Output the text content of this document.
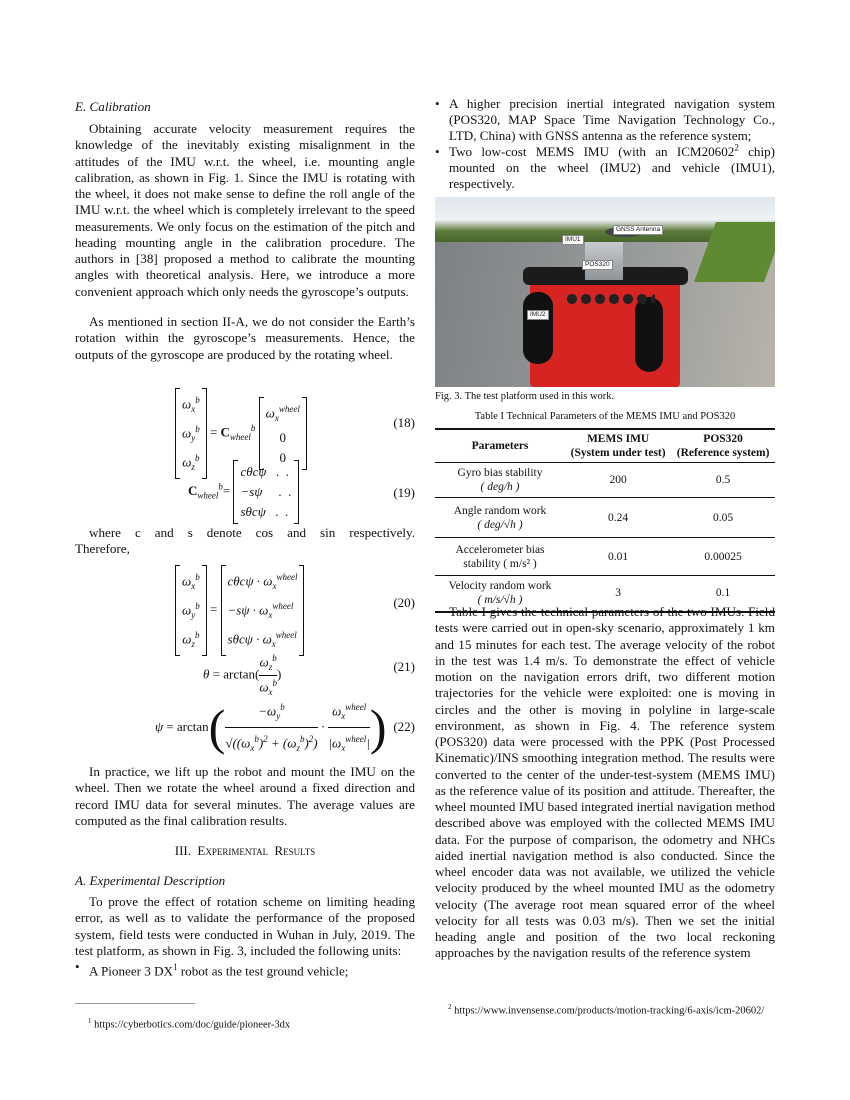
E. Calibration
Obtaining accurate velocity measurement requires the knowledge of the inevitably existing misalignment in the attitudes of the IMU w.r.t. the wheel, i.e. mounting angle calibration, as shown in Fig. 1. Since the IMU is rotating with the wheel, it does not make sense to define the roll angle of the IMU w.r.t. the wheel which is completely irrelevant to the speed measurements. We only focus on the estimation of the pitch and heading mounting angle in the calibration procedure. The authors in [38] proposed a method to calibrate the mounting angles with theoretical analysis. Here, we introduce a more convenient approach which only needs the gyroscope’s outputs.
As mentioned in section II-A, we do not consider the Earth’s rotation within the gyroscope’s measurements. Hence, the outputs of the gyroscope are produced by the rotating wheel.
$\omega_x^b$
$\omega_y^b$
$\omega_z^b$
= $C_{wheel}^b$
$\omega_x^{wheel}$
0
0
(18)
$C_{wheel}^b=$
cθcψ   .  .
−sψ     .  .
sθcψ   .  .
(19)
where c and s denote cos and sin respectively. Therefore,
$\omega_x^b$
$\omega_y^b$
$\omega_z^b$
=
$c\theta c\psi \cdot \omega_x^{wheel}$
$-s\psi \cdot \omega_x^{wheel}$
$s\theta c\psi \cdot \omega_x^{wheel}$
(20)
θ = arctan(
$\omega_z^b$
$\omega_x^b$
)
(21)
ψ = arctan (	$-\omega_y^b$
$√((\omega_x^b)^2 + (\omega_z^b)^2)$
·
$\omega_x^{wheel}$
$|\omega_x^{wheel}|$ ) (22)
In practice, we lift up the robot and mount the IMU on the wheel. Then we rotate the wheel around a fixed direction and record IMU data for several minutes. The average values are computed as the final calibration results.
III. Experimental Results
A. Experimental Description
To prove the effect of rotation scheme on limiting heading error, as well as to validate the performance of the proposed system, field tests were conducted in Wuhan in July, 2019. The test platform, as shown in Fig. 3, included the following units:
• A Pioneer 3 $DX^1$ robot as the test ground vehicle;
$^1$ https://cyberbotics.com/doc/guide/pioneer-3dx
• A higher precision inertial integrated navigation system (POS320, MAP Space Time Navigation Technology Co., LTD, China) with GNSS antenna as the reference system;
• Two low-cost MEMS IMU (with an ICM20602$^2$ chip) mounted on the wheel (IMU2) and vehicle (IMU1), respectively.
GNSS Antenna
IMU1
POS320
IMU2
Fig. 3. The test platform used in this work.
Table I Technical Parameters of the MEMS IMU and POS320
Parameters	MEMS IMU
(System under test)	POS320
(Reference system)
Gyro bias stability
( deg/h )	200	0.5
Angle random work
( deg/√h )	0.24	0.05
Accelerometer bias
stability ( m/s² )	0.01	0.00025
Velocity random work
( m/s/√h )	3	0.1
Table I gives the technical parameters of the two IMUs. Field tests were carried out in open-sky scenario, approximately 1 km and 15 minutes for each test. The average velocity of the robot in the test was 1.4 m/s. To demonstrate the effect of vehicle motion on the navigation errors drift, two different motion trajectories for the vehicle were exploited: one is moving in circles and the other is moving in polyline in large-scale environment, as shown in Fig. 4. The reference system (POS320) data were processed with the PPK (Post Processed Kinematic)/INS smoothing integration method. The results were converted to the center of the under-test-system (MEMS IMU) as the reference value of its position and attitude. Thereafter, the wheel mounted IMU based integrated inertial navigation method described above was employed with the collected MEMS IMU data. For the purpose of comparison, the odometry and NHCs aided inertial navigation method is also conducted. Since the wheel encoder data was not available, we utilized the vehicle velocity produced by the wheel mounted IMU as the odometry velocity (The average root mean squared error of the wheel velocity for all tests was 0.03 m/s). Then we set the initial heading angle and position of the two local reckoning approaches by the navigation results of the reference system
$^2$ https://www.invensense.com/products/motion-tracking/6-axis/icm-20602/
